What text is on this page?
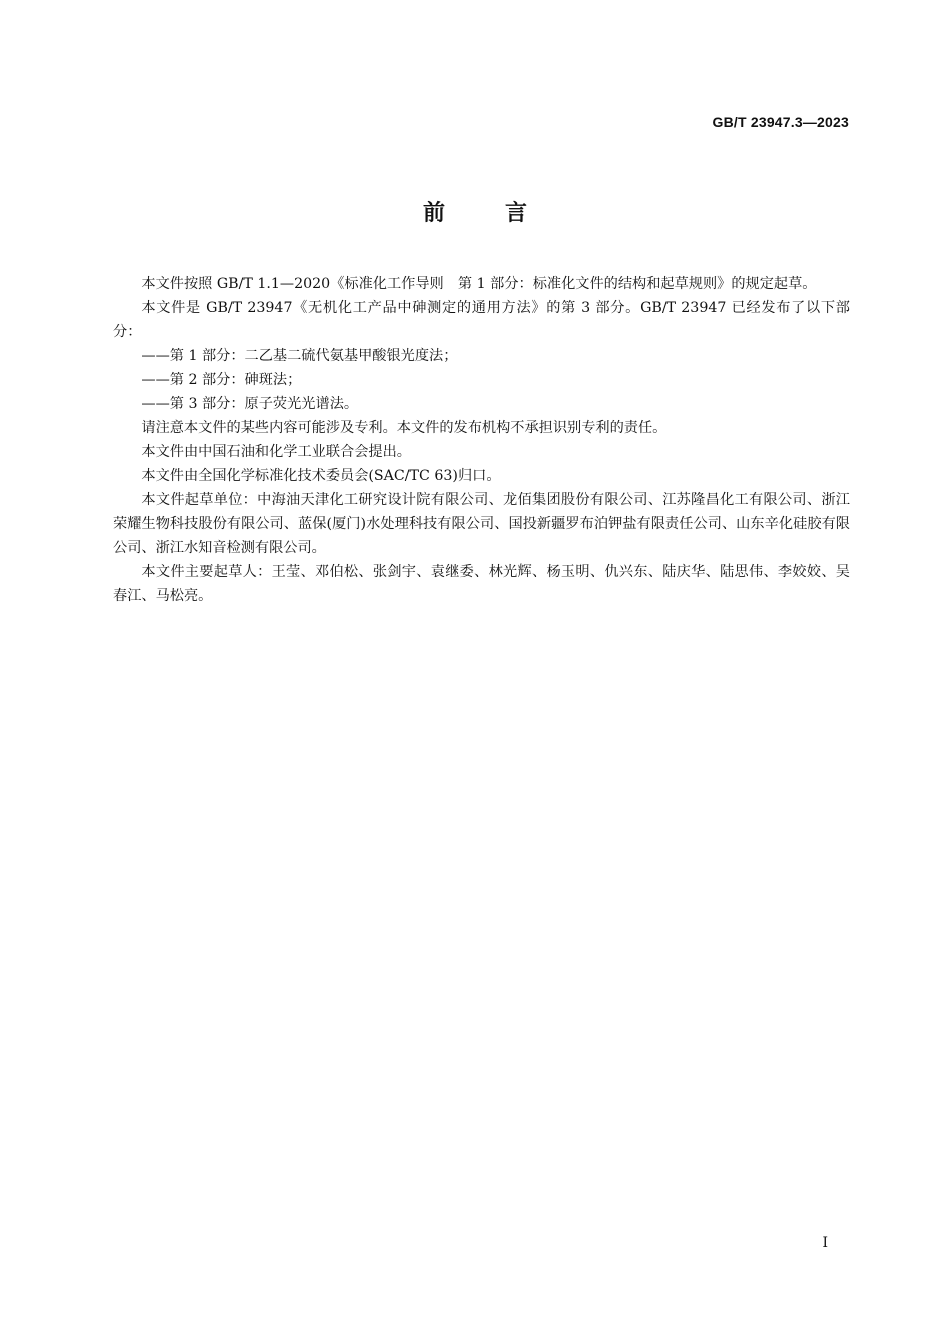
GB/T 23947.3—2023
前	言

本文件按照 GB/T 1.1—2020《标准化工作导则　第 1 部分：标准化文件的结构和起草规则》的规定起草。

本文件是 GB/T 23947《无机化工产品中砷测定的通用方法》的第 3 部分。GB/T 23947 已经发布了以下部分：

——第 1 部分：二乙基二硫代氨基甲酸银光度法；

——第 2 部分：砷斑法；

——第 3 部分：原子荧光光谱法。

请注意本文件的某些内容可能涉及专利。本文件的发布机构不承担识别专利的责任。

本文件由中国石油和化学工业联合会提出。

本文件由全国化学标准化技术委员会(SAC/TC 63)归口。

本文件起草单位：中海油天津化工研究设计院有限公司、龙佰集团股份有限公司、江苏隆昌化工有限公司、浙江荣耀生物科技股份有限公司、蓝保(厦门)水处理科技有限公司、国投新疆罗布泊钾盐有限责任公司、山东辛化硅胶有限公司、浙江水知音检测有限公司。

本文件主要起草人：王莹、邓伯松、张剑宇、袁继委、林光辉、杨玉明、仇兴东、陆庆华、陆思伟、李姣姣、吴春江、马松亮。

I
